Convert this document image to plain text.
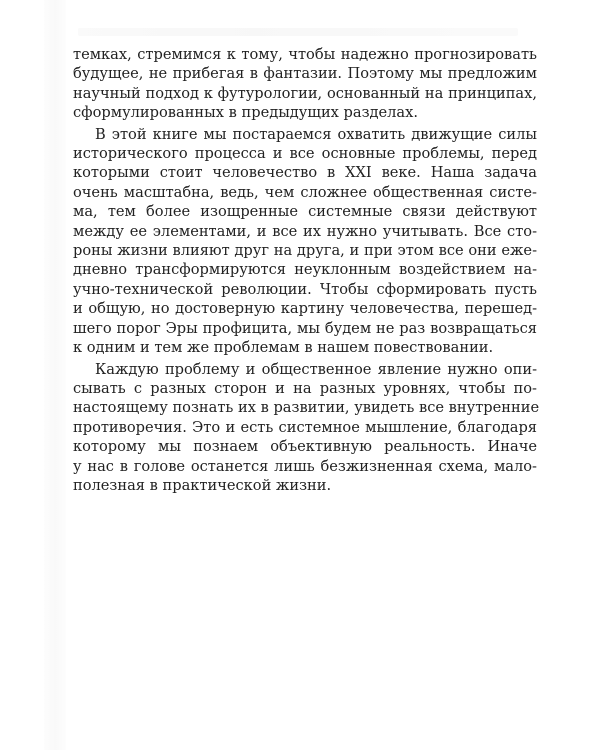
темках, стремимся к тому, чтобы надежно прогнозировать
будущее, не прибегая в фантазии. Поэтому мы предложим
научный подход к футурологии, основанный на принципах,
сформулированных в предыдущих разделах.
В этой книге мы постараемся охватить движущие силы
исторического процесса и все основные проблемы, перед
которыми стоит человечество в XXI веке. Наша задача
очень масштабна, ведь, чем сложнее общественная систе-
ма, тем более изощренные системные связи действуют
между ее элементами, и все их нужно учитывать. Все сто-
роны жизни влияют друг на друга, и при этом все они еже-
дневно трансформируются неуклонным воздействием на-
учно-технической революции. Чтобы сформировать пусть
и общую, но достоверную картину человечества, перешед-
шего порог Эры профицита, мы будем не раз возвращаться
к одним и тем же проблемам в нашем повествовании.
Каждую проблему и общественное явление нужно опи-
сывать с разных сторон и на разных уровнях, чтобы по-
настоящему познать их в развитии, увидеть все внутренние
противоречия. Это и есть системное мышление, благодаря
которому мы познаем объективную реальность. Иначе
у нас в голове останется лишь безжизненная схема, мало-
полезная в практической жизни.
